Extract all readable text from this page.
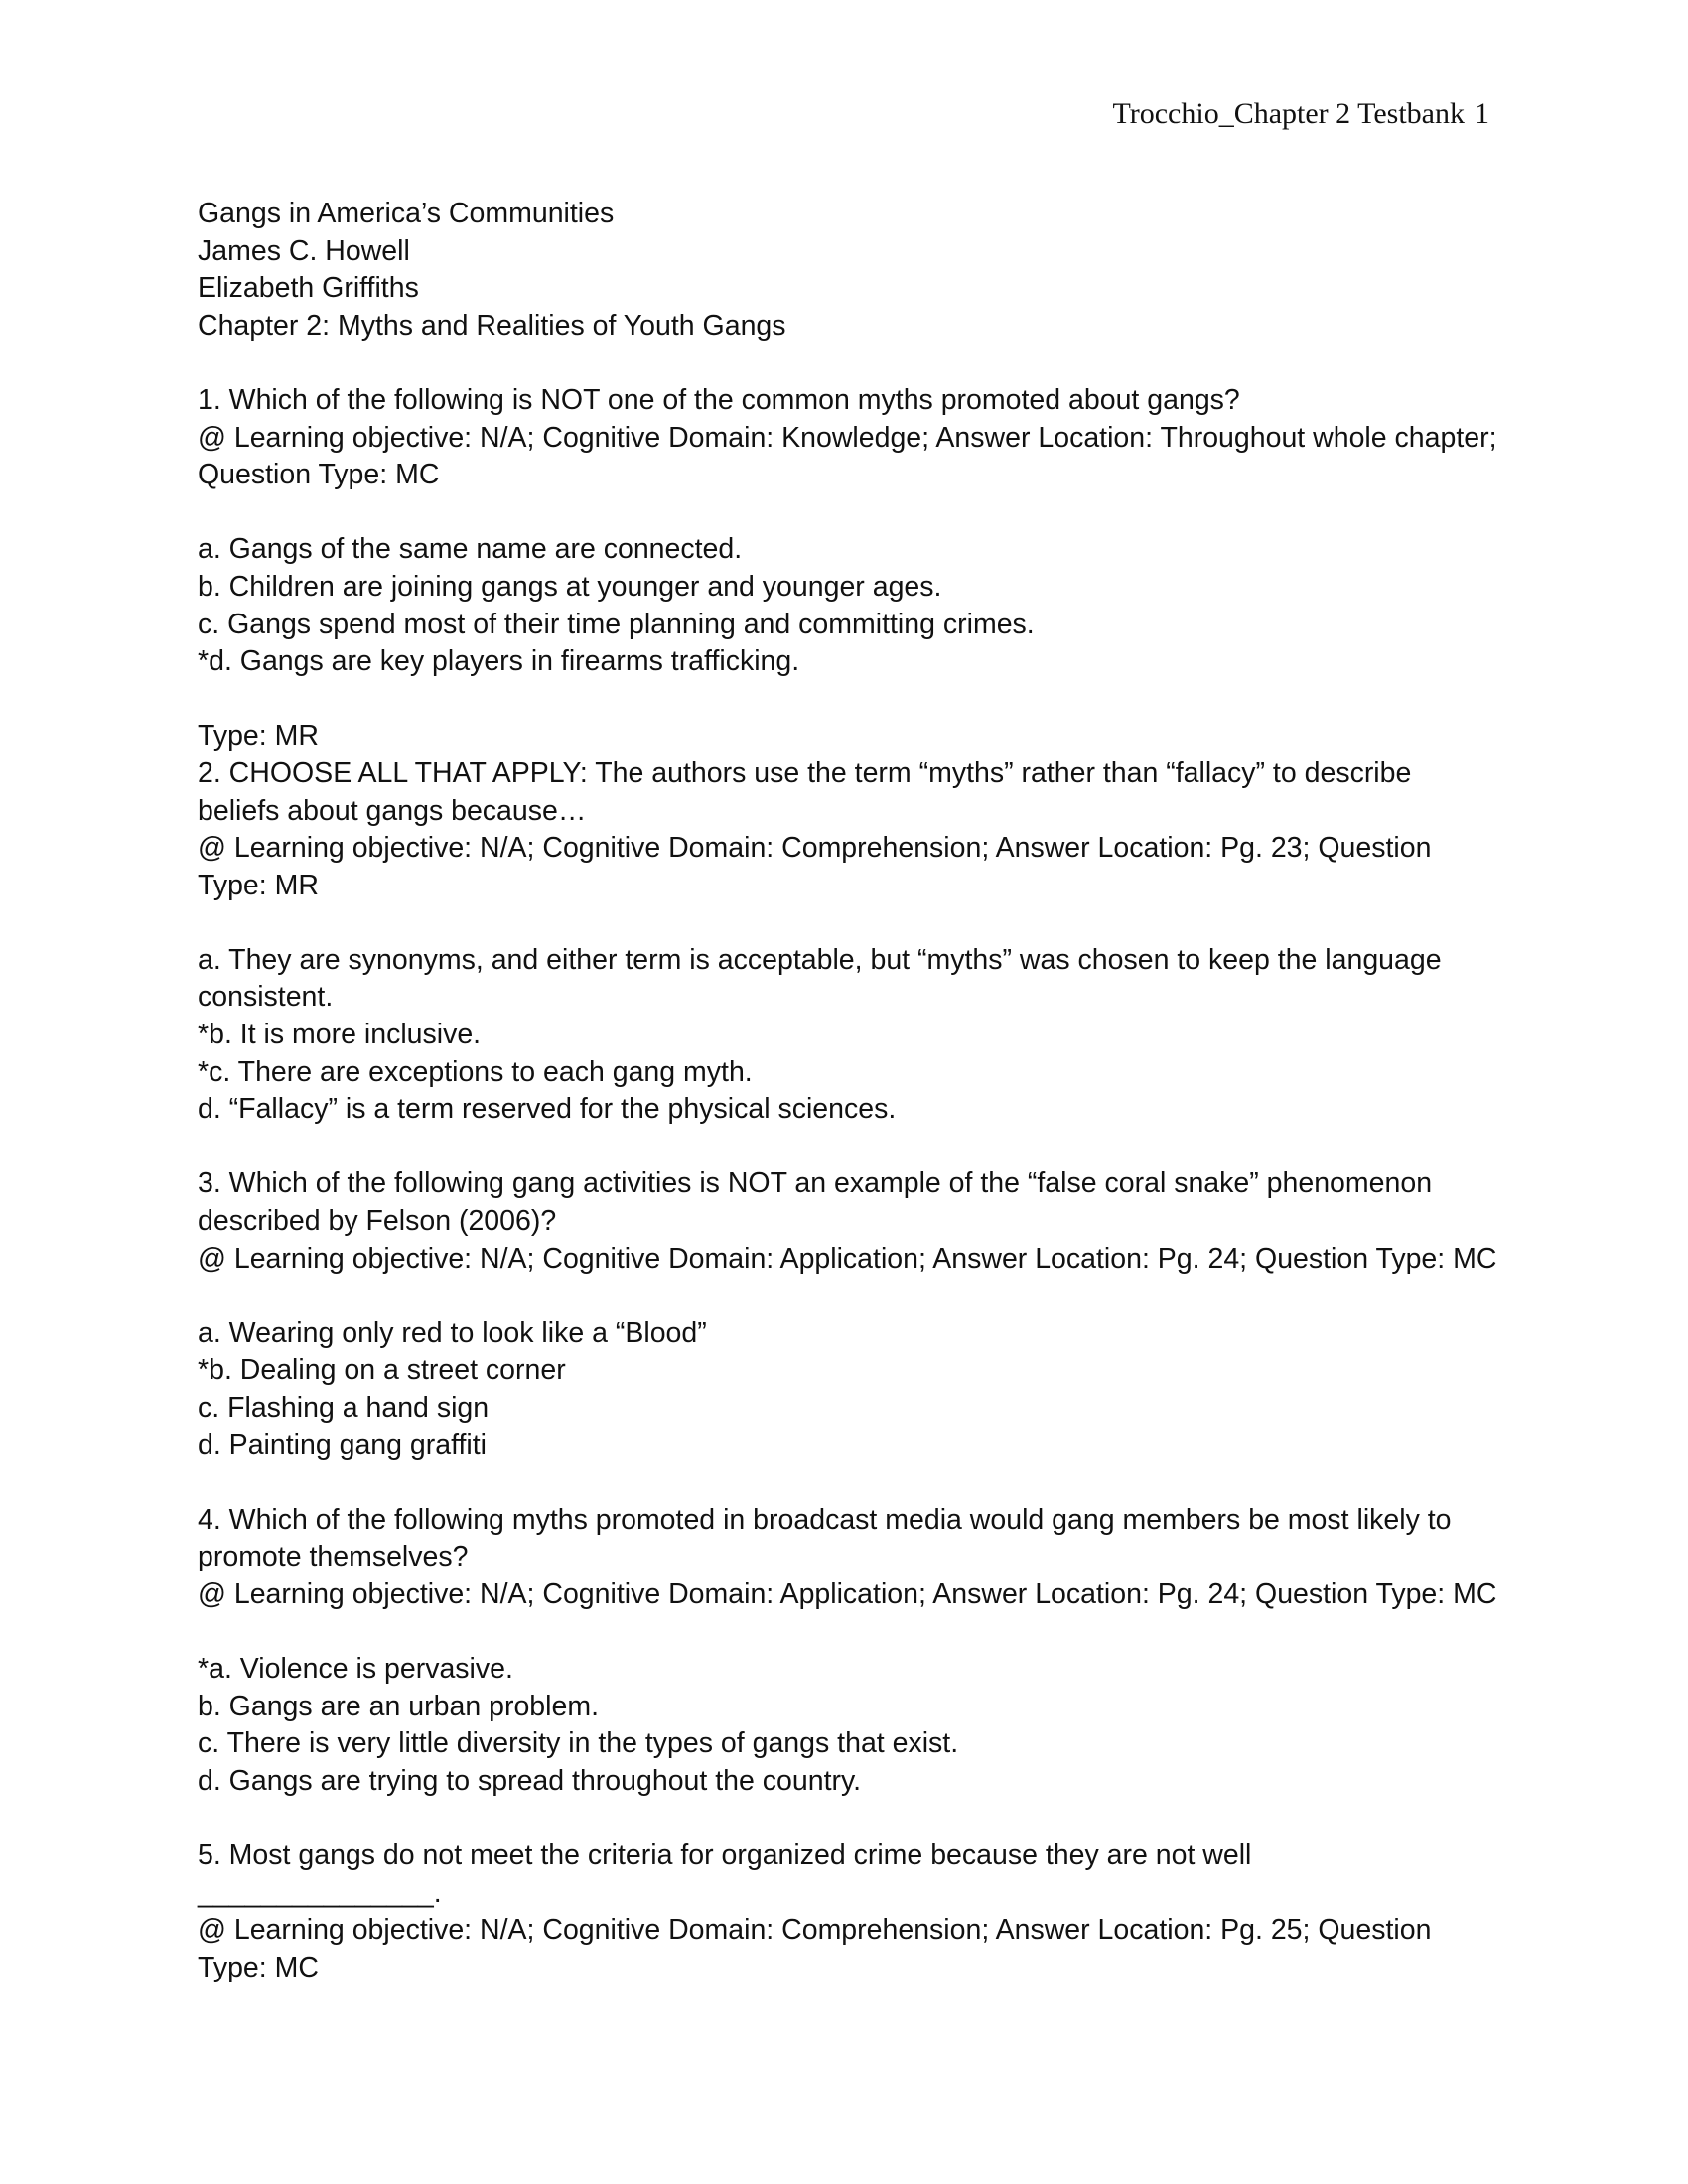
Trocchio_Chapter 2 Testbank 1

Gangs in America’s Communities

James C. Howell

Elizabeth Griffiths

Chapter 2: Myths and Realities of Youth Gangs

1. Which of the following is NOT one of the common myths promoted about gangs?

@ Learning objective: N/A; Cognitive Domain: Knowledge; Answer Location: Throughout whole chapter; Question Type: MC

a. Gangs of the same name are connected.

b. Children are joining gangs at younger and younger ages.

c. Gangs spend most of their time planning and committing crimes.

*d. Gangs are key players in firearms trafficking.

Type: MR

2. CHOOSE ALL THAT APPLY: The authors use the term “myths” rather than “fallacy” to describe beliefs about gangs because…

@ Learning objective: N/A; Cognitive Domain: Comprehension; Answer Location: Pg. 23; Question Type: MR

a. They are synonyms, and either term is acceptable, but “myths” was chosen to keep the language consistent.

*b. It is more inclusive.

*c. There are exceptions to each gang myth.

d. “Fallacy” is a term reserved for the physical sciences.

3. Which of the following gang activities is NOT an example of the “false coral snake” phenomenon described by Felson (2006)?

@ Learning objective: N/A; Cognitive Domain: Application; Answer Location: Pg. 24; Question Type: MC

a. Wearing only red to look like a “Blood”

*b. Dealing on a street corner

c. Flashing a hand sign

d. Painting gang graffiti

4. Which of the following myths promoted in broadcast media would gang members be most likely to promote themselves?

@ Learning objective: N/A; Cognitive Domain: Application; Answer Location: Pg. 24; Question Type: MC

*a. Violence is pervasive.

b. Gangs are an urban problem.

c. There is very little diversity in the types of gangs that exist.

d. Gangs are trying to spread throughout the country.

5. Most gangs do not meet the criteria for organized crime because they are not well _______________.

@ Learning objective: N/A; Cognitive Domain: Comprehension; Answer Location: Pg. 25; Question Type: MC
